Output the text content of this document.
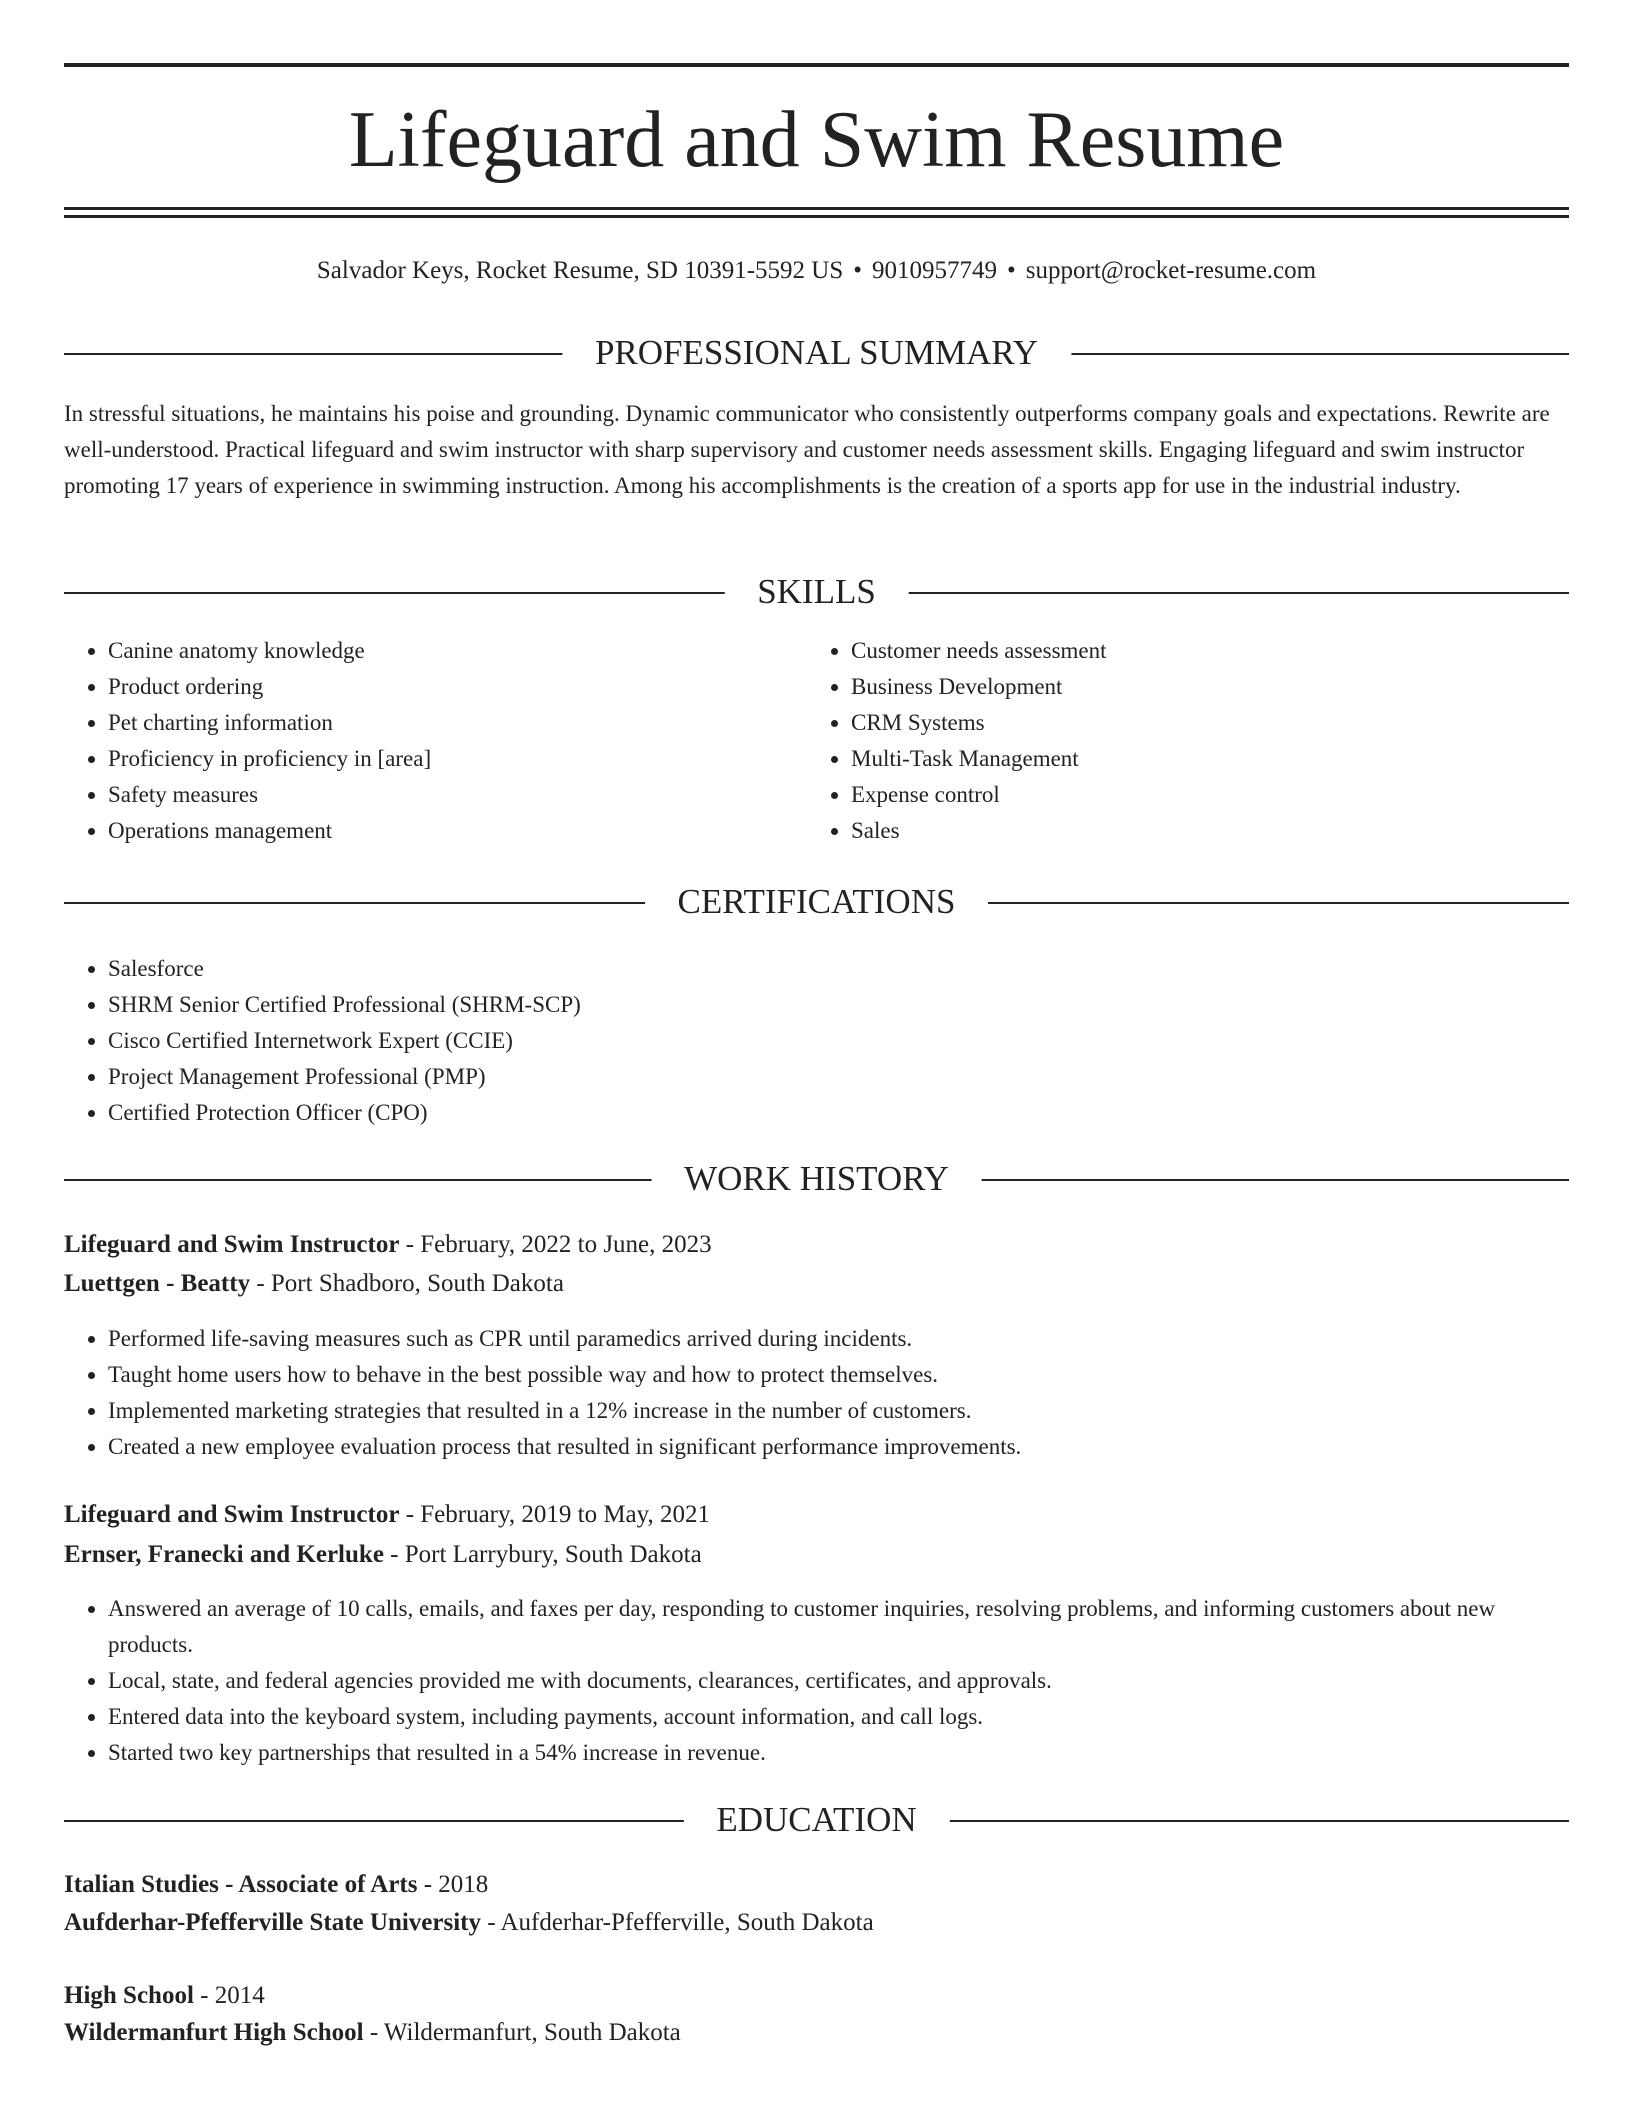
Lifeguard and Swim Resume
Salvador Keys, Rocket Resume, SD 10391-5592 US • 9010957749 • support@rocket-resume.com
PROFESSIONAL SUMMARY

In stressful situations, he maintains his poise and grounding. Dynamic communicator who consistently outperforms company goals and expectations. Rewrite are well-understood. Practical lifeguard and swim instructor with sharp supervisory and customer needs assessment skills. Engaging lifeguard and swim instructor promoting 17 years of experience in swimming instruction. Among his accomplishments is the creation of a sports app for use in the industrial industry.

SKILLS
• Canine anatomy knowledge
• Product ordering
• Pet charting information
• Proficiency in proficiency in [area]
• Safety measures
• Operations management
• Customer needs assessment
• Business Development
• CRM Systems
• Multi-Task Management
• Expense control
• Sales
CERTIFICATIONS
• Salesforce
• SHRM Senior Certified Professional (SHRM-SCP)
• Cisco Certified Internetwork Expert (CCIE)
• Project Management Professional (PMP)
• Certified Protection Officer (CPO)
WORK HISTORY
Lifeguard and Swim Instructor - February, 2022 to June, 2023
Luettgen - Beatty - Port Shadboro, South Dakota
• Performed life-saving measures such as CPR until paramedics arrived during incidents.
• Taught home users how to behave in the best possible way and how to protect themselves.
• Implemented marketing strategies that resulted in a 12% increase in the number of customers.
• Created a new employee evaluation process that resulted in significant performance improvements.
Lifeguard and Swim Instructor - February, 2019 to May, 2021
Ernser, Franecki and Kerluke - Port Larrybury, South Dakota
• Answered an average of 10 calls, emails, and faxes per day, responding to customer inquiries, resolving problems, and informing customers about new products.
• Local, state, and federal agencies provided me with documents, clearances, certificates, and approvals.
• Entered data into the keyboard system, including payments, account information, and call logs.
• Started two key partnerships that resulted in a 54% increase in revenue.
EDUCATION
Italian Studies - Associate of Arts - 2018
Aufderhar-Pfefferville State University - Aufderhar-Pfefferville, South Dakota
High School - 2014
Wildermanfurt High School - Wildermanfurt, South Dakota
